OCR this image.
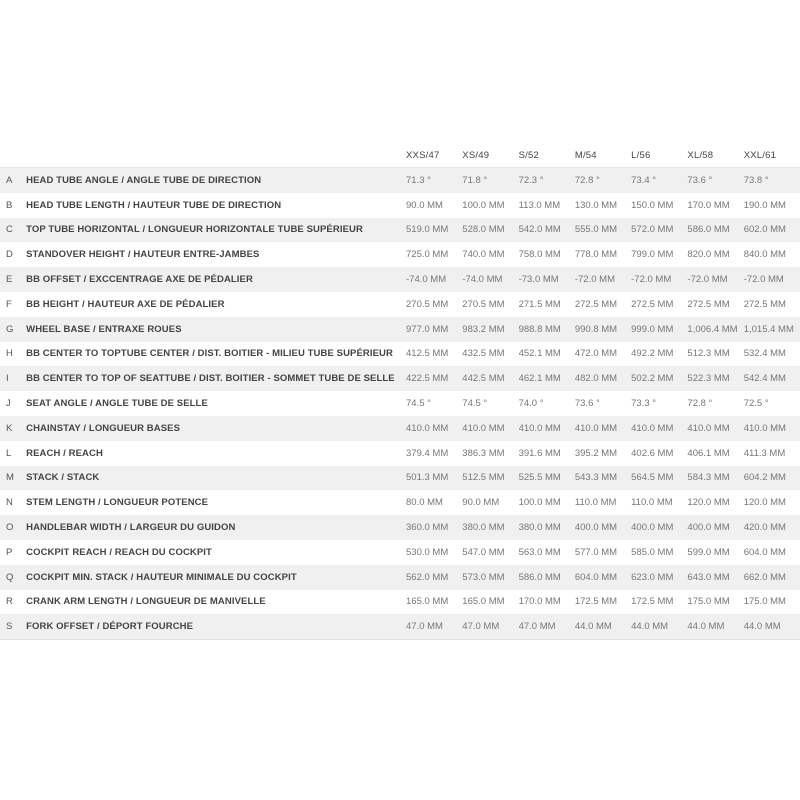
		XXS/47	XS/49	S/52	M/54	L/56	XL/58	XXL/61
A	HEAD TUBE ANGLE / ANGLE TUBE DE DIRECTION	71.3 °	71.8 °	72.3 °	72.8 °	73.4 °	73.6 °	73.8 °
B	HEAD TUBE LENGTH / HAUTEUR TUBE DE DIRECTION	90.0 MM	100.0 MM	113.0 MM	130.0 MM	150.0 MM	170.0 MM	190.0 MM
C	TOP TUBE HORIZONTAL / LONGUEUR HORIZONTALE TUBE SUPÉRIEUR	519.0 MM	528.0 MM	542.0 MM	555.0 MM	572.0 MM	586.0 MM	602.0 MM
D	STANDOVER HEIGHT / HAUTEUR ENTRE-JAMBES	725.0 MM	740.0 MM	758.0 MM	778.0 MM	799.0 MM	820.0 MM	840.0 MM
E	BB OFFSET / EXCCENTRAGE AXE DE PÉDALIER	-74.0 MM	-74.0 MM	-73.0 MM	-72.0 MM	-72.0 MM	-72.0 MM	-72.0 MM
F	BB HEIGHT / HAUTEUR AXE DE PÉDALIER	270.5 MM	270.5 MM	271.5 MM	272.5 MM	272.5 MM	272.5 MM	272.5 MM
G	WHEEL BASE / ENTRAXE ROUES	977.0 MM	983.2 MM	988.8 MM	990.8 MM	999.0 MM	1,006.4 MM	1,015.4 MM
H	BB CENTER TO TOPTUBE CENTER / DIST. BOITIER - MILIEU TUBE SUPÉRIEUR	412.5 MM	432.5 MM	452.1 MM	472.0 MM	492.2 MM	512.3 MM	532.4 MM
I	BB CENTER TO TOP OF SEATTUBE / DIST. BOITIER - SOMMET TUBE DE SELLE	422.5 MM	442.5 MM	462.1 MM	482.0 MM	502.2 MM	522.3 MM	542.4 MM
J	SEAT ANGLE / ANGLE TUBE DE SELLE	74.5 °	74.5 °	74.0 °	73.6 °	73.3 °	72.8 °	72.5 °
K	CHAINSTAY / LONGUEUR BASES	410.0 MM	410.0 MM	410.0 MM	410.0 MM	410.0 MM	410.0 MM	410.0 MM
L	REACH / REACH	379.4 MM	386.3 MM	391.6 MM	395.2 MM	402.6 MM	406.1 MM	411.3 MM
M	STACK / STACK	501.3 MM	512.5 MM	525.5 MM	543.3 MM	564.5 MM	584.3 MM	604.2 MM
N	STEM LENGTH / LONGUEUR POTENCE	80.0 MM	90.0 MM	100.0 MM	110.0 MM	110.0 MM	120.0 MM	120.0 MM
O	HANDLEBAR WIDTH / LARGEUR DU GUIDON	360.0 MM	380.0 MM	380.0 MM	400.0 MM	400.0 MM	400.0 MM	420.0 MM
P	COCKPIT REACH / REACH DU COCKPIT	530.0 MM	547.0 MM	563.0 MM	577.0 MM	585.0 MM	599.0 MM	604.0 MM
Q	COCKPIT MIN. STACK / HAUTEUR MINIMALE DU COCKPIT	562.0 MM	573.0 MM	586.0 MM	604.0 MM	623.0 MM	643.0 MM	662.0 MM
R	CRANK ARM LENGTH / LONGUEUR DE MANIVELLE	165.0 MM	165.0 MM	170.0 MM	172.5 MM	172.5 MM	175.0 MM	175.0 MM
S	FORK OFFSET / DÉPORT FOURCHE	47.0 MM	47.0 MM	47.0 MM	44.0 MM	44.0 MM	44.0 MM	44.0 MM
